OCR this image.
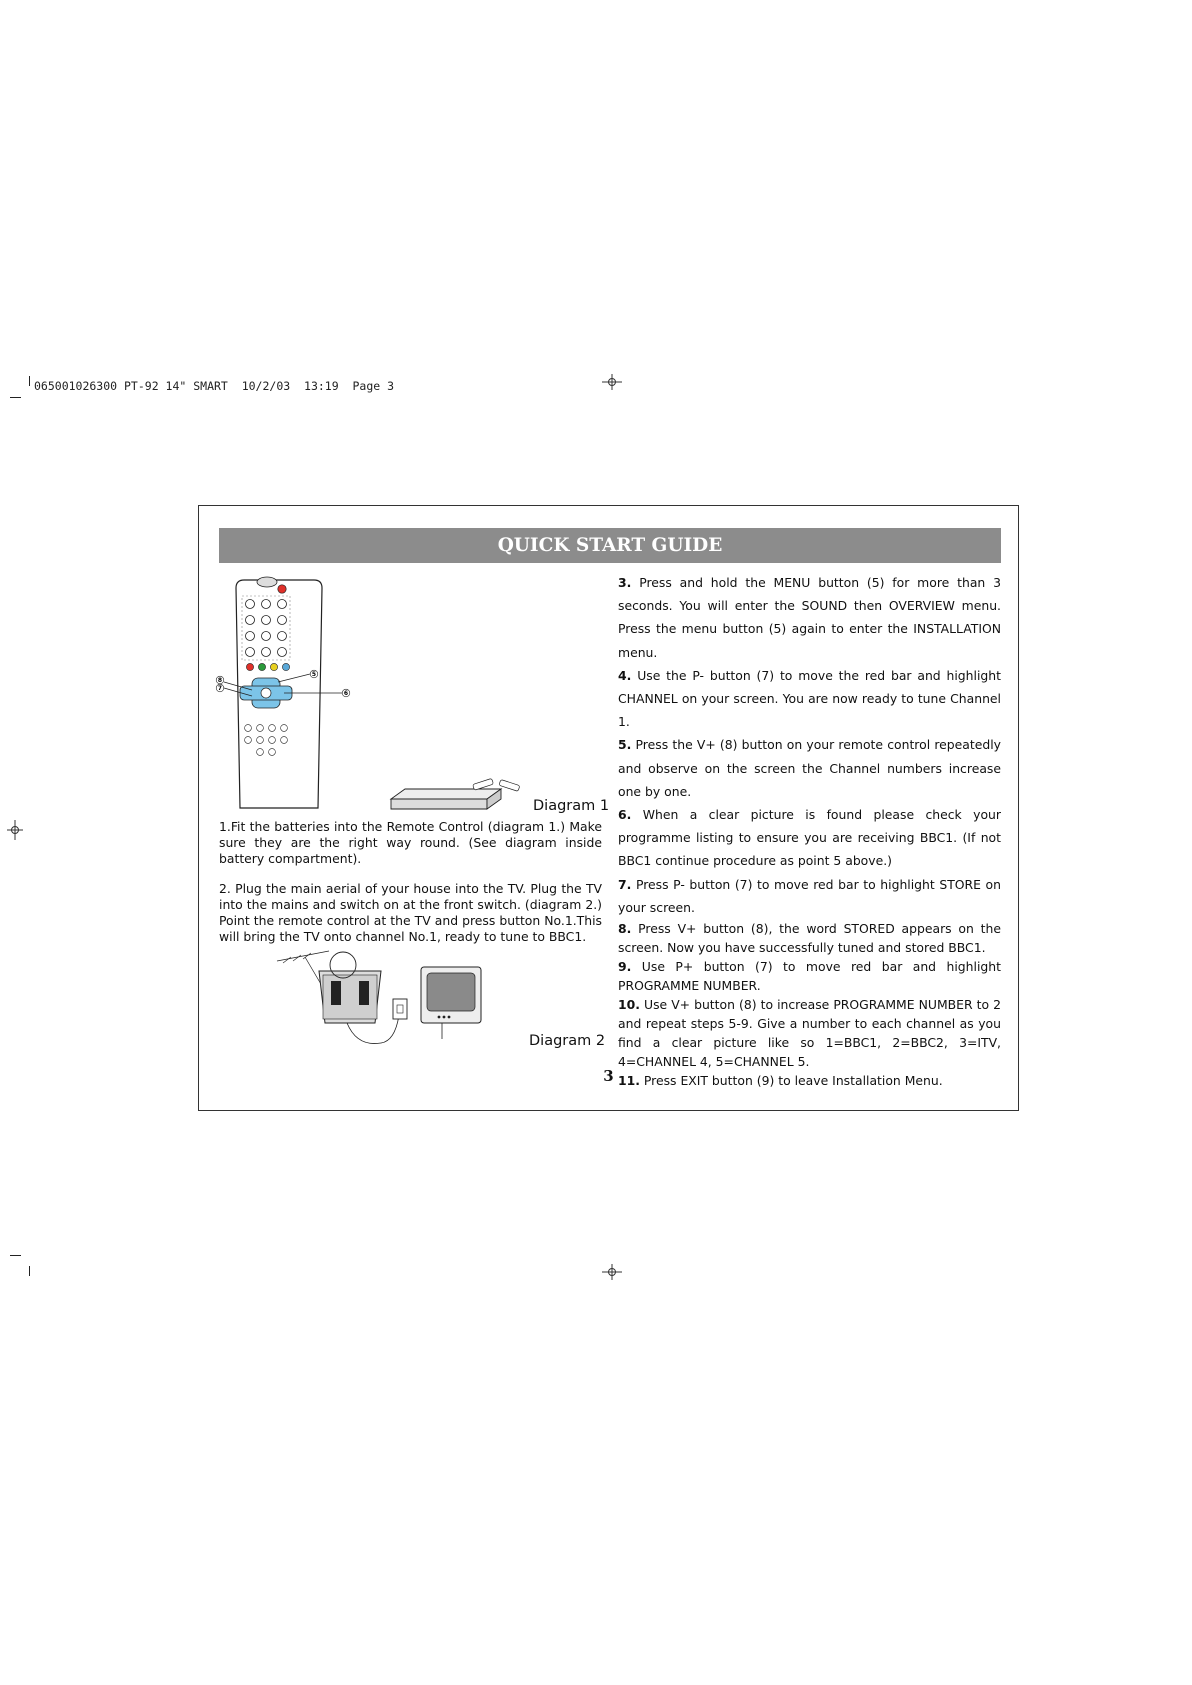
065001026300 PT-92 14" SMART  10/2/03  13:19  Page 3
QUICK START GUIDE
5
6
7
8
Diagram 1

1.Fit the batteries into the Remote Control (diagram 1.) Make sure they are the right way round. (See diagram inside battery compartment).

2. Plug the main aerial of your house into the TV. Plug the TV into the mains and switch on at the front switch. (diagram 2.) Point the remote control at the TV and press button No.1.This will bring the TV onto channel No.1, ready to tune to BBC1.

Diagram 2

3. Press and hold the MENU button (5) for more than 3 seconds. You will enter the SOUND then OVERVIEW menu. Press the menu button (5) again to enter the INSTALLATION menu.

4. Use the P- button (7) to move the red bar and highlight CHANNEL on your screen. You are now ready to tune Channel 1.

5. Press the V+ (8) button on your remote control repeatedly and observe on the screen the Channel numbers increase one by one.

6. When a clear picture is found please check your programme listing to ensure you are receiving BBC1. (If not BBC1 continue procedure as point 5 above.)

7. Press P- button (7) to move red bar to highlight STORE on your screen.

8. Press V+ button (8), the word STORED appears on the screen. Now you have successfully tuned and stored BBC1.

9. Use P+ button (7) to move red bar and highlight PROGRAMME NUMBER.

10. Use V+ button (8) to increase PROGRAMME NUMBER to 2 and repeat steps 5-9. Give a number to each channel as you find a clear picture like so 1=BBC1, 2=BBC2, 3=ITV, 4=CHANNEL 4, 5=CHANNEL 5.

11. Press EXIT button (9) to leave Installation Menu.

3
